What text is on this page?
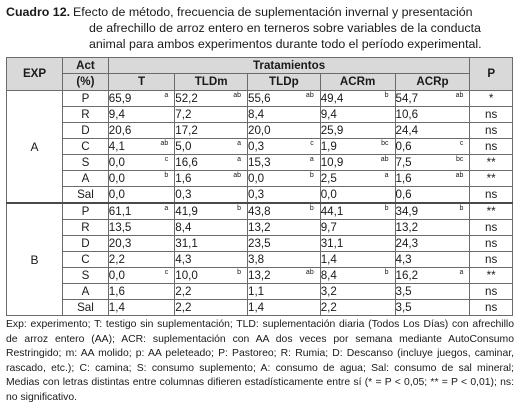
Cuadro 12. Efecto de método, frecuencia de suplementación invernal y presentación
de afrechillo de arroz entero en terneros sobre variables de la conducta
animal para ambos experimentos durante todo el período experimental.
EXP	Act	Tratamientos					P
	(%)	T	TLDm	TLDp	ACRm	ACRp	
A	P	65,9 a	52,2 ab	55,6 ab	49,4 b	54,7 ab	*
	R	9,4	7,2	8,4	9,4	10,6	ns
	D	20,6	17,2	20,0	25,9	24,4	ns
	C	4,1 ab	5,0 a	0,3 c	1,9 bc	0,6 c	ns
	S	0,0 c	16,6 a	15,3 a	10,9 ab	7,5 bc	**
	A	0,0 b	1,6 ab	0,0 b	2,5 a	1,6 ab	**
	Sal	0,0	0,3	0,3	0,0	0,6	ns
B	P	61,1 a	41,9 b	43,8 b	44,1 b	34,9 b	**
	R	13,5	8,4	13,2	9,7	13,2	ns
	D	20,3	31,1	23,5	31,1	24,3	ns
	C	2,2	4,3	3,8	1,4	4,3	ns
	S	0,0 c	10,0 b	13,2 ab	8,4 b	16,2 a	**
	A	1,6	2,2	1,1	3,2	3,5	ns
	Sal	1,4	2,2	1,4	2,2	3,5	ns
Exp: experimento; T: testigo sin suplementación; TLD: suplementación diaria (Todos Los Días) con afrechillo de arroz entero (AA); ACR: suplementación con AA dos veces por semana mediante AutoConsumo Restringido; m: AA molido; p: AA peleteado; P: Pastoreo; R: Rumia; D: Descanso (incluye juegos, caminar, rascado, etc.); C: camina; S: consumo suplemento; A: consumo de agua; Sal: consumo de sal mineral; Medias con letras distintas entre columnas difieren estadísticamente entre sí (* = P < 0,05; ** = P < 0,01); ns: no significativo.
